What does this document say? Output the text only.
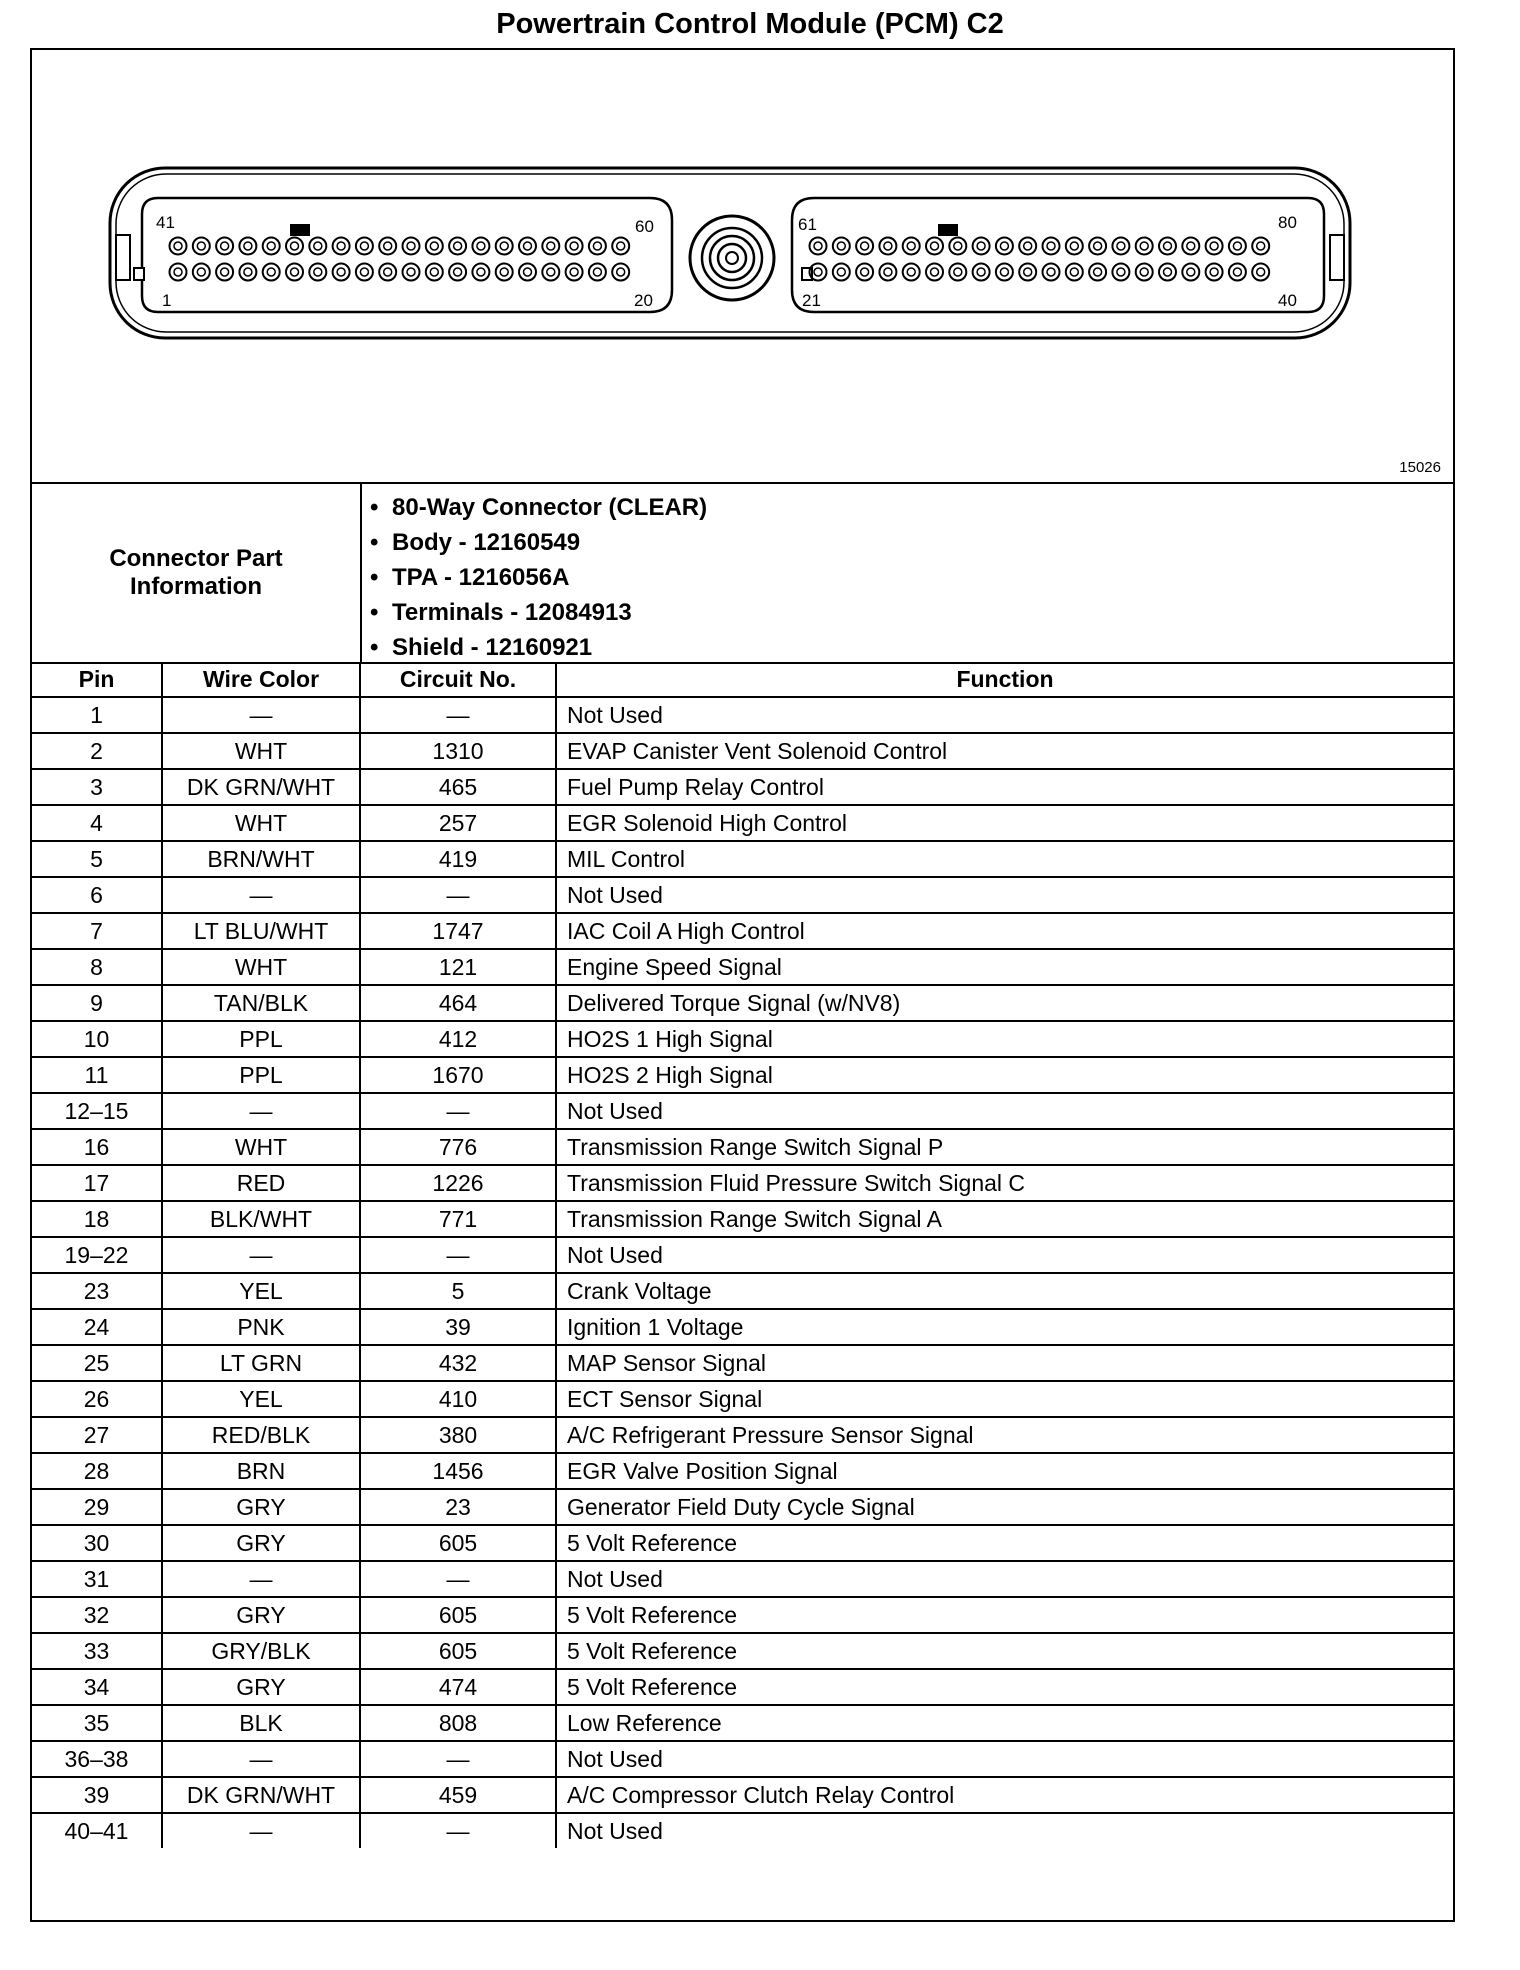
Powertrain Control Module (PCM) C2
41	60
1	20
61	80
21	40
15026
Connector Part
Information
• 80-Way Connector (CLEAR)
• Body - 12160549
• TPA - 1216056A
• Terminals - 12084913
• Shield - 12160921
Pin	Wire Color	Circuit No.	Function
1	—	—	Not Used
2	WHT	1310	EVAP Canister Vent Solenoid Control
3	DK GRN/WHT	465	Fuel Pump Relay Control
4	WHT	257	EGR Solenoid High Control
5	BRN/WHT	419	MIL Control
6	—	—	Not Used
7	LT BLU/WHT	1747	IAC Coil A High Control
8	WHT	121	Engine Speed Signal
9	TAN/BLK	464	Delivered Torque Signal (w/NV8)
10	PPL	412	HO2S 1 High Signal
11	PPL	1670	HO2S 2 High Signal
12–15	—	—	Not Used
16	WHT	776	Transmission Range Switch Signal P
17	RED	1226	Transmission Fluid Pressure Switch Signal C
18	BLK/WHT	771	Transmission Range Switch Signal A
19–22	—	—	Not Used
23	YEL	5	Crank Voltage
24	PNK	39	Ignition 1 Voltage
25	LT GRN	432	MAP Sensor Signal
26	YEL	410	ECT Sensor Signal
27	RED/BLK	380	A/C Refrigerant Pressure Sensor Signal
28	BRN	1456	EGR Valve Position Signal
29	GRY	23	Generator Field Duty Cycle Signal
30	GRY	605	5 Volt Reference
31	—	—	Not Used
32	GRY	605	5 Volt Reference
33	GRY/BLK	605	5 Volt Reference
34	GRY	474	5 Volt Reference
35	BLK	808	Low Reference
36–38	—	—	Not Used
39	DK GRN/WHT	459	A/C Compressor Clutch Relay Control
40–41	—	—	Not Used
